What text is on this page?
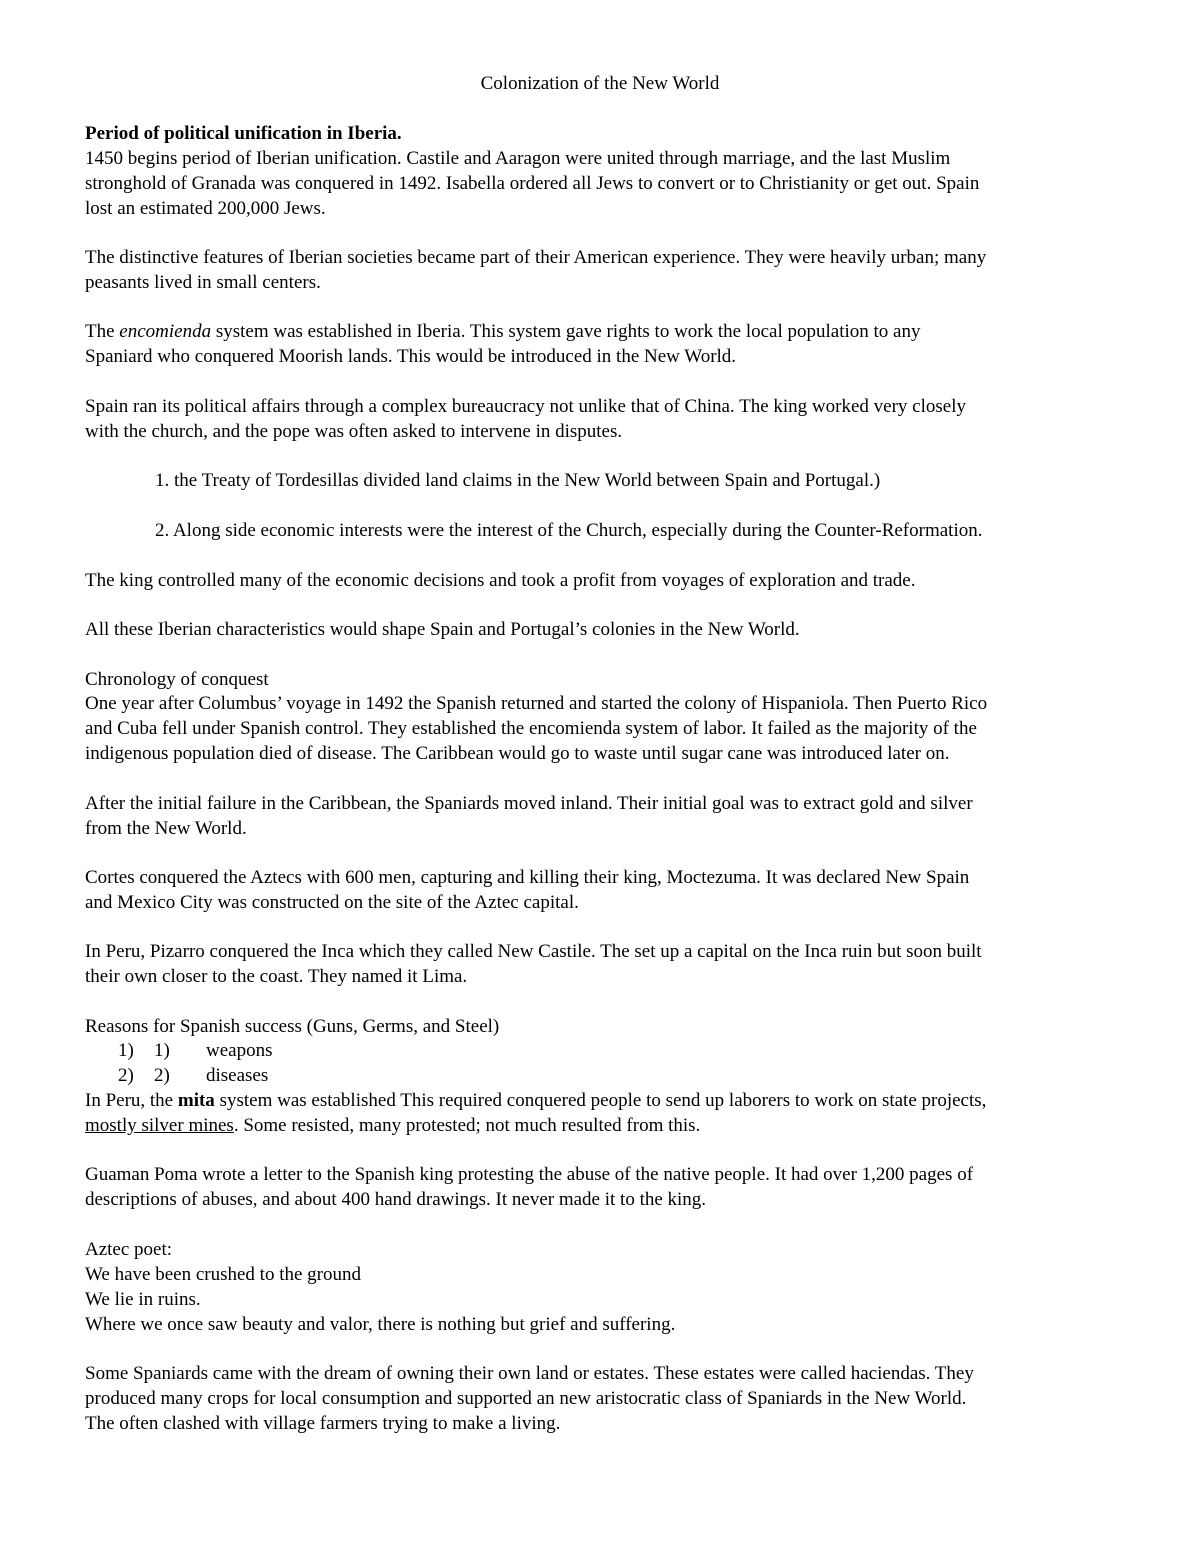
Colonization of the New World
Period of political unification in Iberia.
1450 begins period of Iberian unification. Castile and Aaragon were united through marriage, and the last Muslim
stronghold of Granada was conquered in 1492. Isabella ordered all Jews to convert or to Christianity or get out. Spain
lost an estimated 200,000 Jews.
The distinctive features of Iberian societies became part of their American experience. They were heavily urban; many
peasants lived in small centers.
The encomienda system was established in Iberia. This system gave rights to work the local population to any
Spaniard who conquered Moorish lands. This would be introduced in the New World.
Spain ran its political affairs through a complex bureaucracy not unlike that of China. The king worked very closely
with the church, and the pope was often asked to intervene in disputes.
1. the Treaty of Tordesillas divided land claims in the New World between Spain and Portugal.)
2. Along side economic interests were the interest of the Church, especially during the Counter-Reformation.
The king controlled many of the economic decisions and took a profit from voyages of exploration and trade.
All these Iberian characteristics would shape Spain and Portugal’s colonies in the New World.
Chronology of conquest
One year after Columbus’ voyage in 1492 the Spanish returned and started the colony of Hispaniola. Then Puerto Rico
and Cuba fell under Spanish control. They established the encomienda system of labor. It failed as the majority of the
indigenous population died of disease. The Caribbean would go to waste until sugar cane was introduced later on.
After the initial failure in the Caribbean, the Spaniards moved inland. Their initial goal was to extract gold and silver
from the New World.
Cortes conquered the Aztecs with 600 men, capturing and killing their king, Moctezuma. It was declared New Spain
and Mexico City was constructed on the site of the Aztec capital.
In Peru, Pizarro conquered the Inca which they called New Castile. The set up a capital on the Inca ruin but soon built
their own closer to the coast. They named it Lima.
Reasons for Spanish success (Guns, Germs, and Steel)
1) 1) weapons
2) 2) diseases
In Peru, the mita system was established This required conquered people to send up laborers to work on state projects,
mostly silver mines. Some resisted, many protested; not much resulted from this.
Guaman Poma wrote a letter to the Spanish king protesting the abuse of the native people. It had over 1,200 pages of
descriptions of abuses, and about 400 hand drawings. It never made it to the king.
Aztec poet:
We have been crushed to the ground
We lie in ruins.
Where we once saw beauty and valor, there is nothing but grief and suffering.
Some Spaniards came with the dream of owning their own land or estates. These estates were called haciendas. They
produced many crops for local consumption and supported an new aristocratic class of Spaniards in the New World.
The often clashed with village farmers trying to make a living.
